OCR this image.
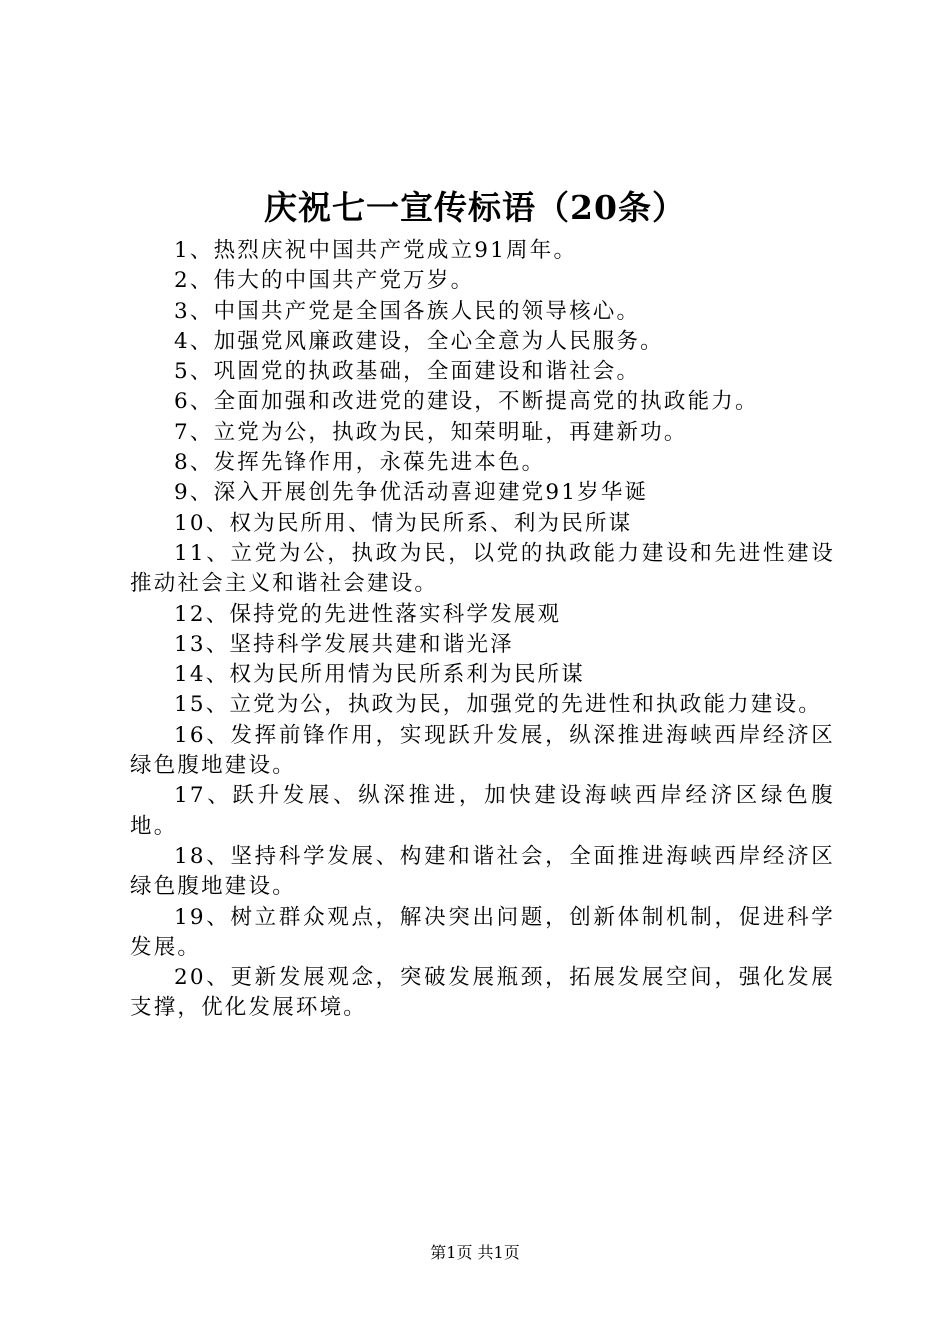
庆祝七一宣传标语（20条）

1、热烈庆祝中国共产党成立91周年。

2、伟大的中国共产党万岁。

3、中国共产党是全国各族人民的领导核心。

4、加强党风廉政建设，全心全意为人民服务。

5、巩固党的执政基础，全面建设和谐社会。

6、全面加强和改进党的建设，不断提高党的执政能力。

7、立党为公，执政为民，知荣明耻，再建新功。

8、发挥先锋作用，永葆先进本色。

9、深入开展创先争优活动喜迎建党91岁华诞

10、权为民所用、情为民所系、利为民所谋

11、立党为公，执政为民，以党的执政能力建设和先进性建设推动社会主义和谐社会建设。

12、保持党的先进性落实科学发展观

13、坚持科学发展共建和谐光泽

14、权为民所用情为民所系利为民所谋

15、立党为公，执政为民，加强党的先进性和执政能力建设。

16、发挥前锋作用，实现跃升发展，纵深推进海峡西岸经济区绿色腹地建设。

17、跃升发展、纵深推进，加快建设海峡西岸经济区绿色腹地。

18、坚持科学发展、构建和谐社会，全面推进海峡西岸经济区绿色腹地建设。

19、树立群众观点，解决突出问题，创新体制机制，促进科学发展。

20、更新发展观念，突破发展瓶颈，拓展发展空间，强化发展支撑，优化发展环境。

第1页 共1页
